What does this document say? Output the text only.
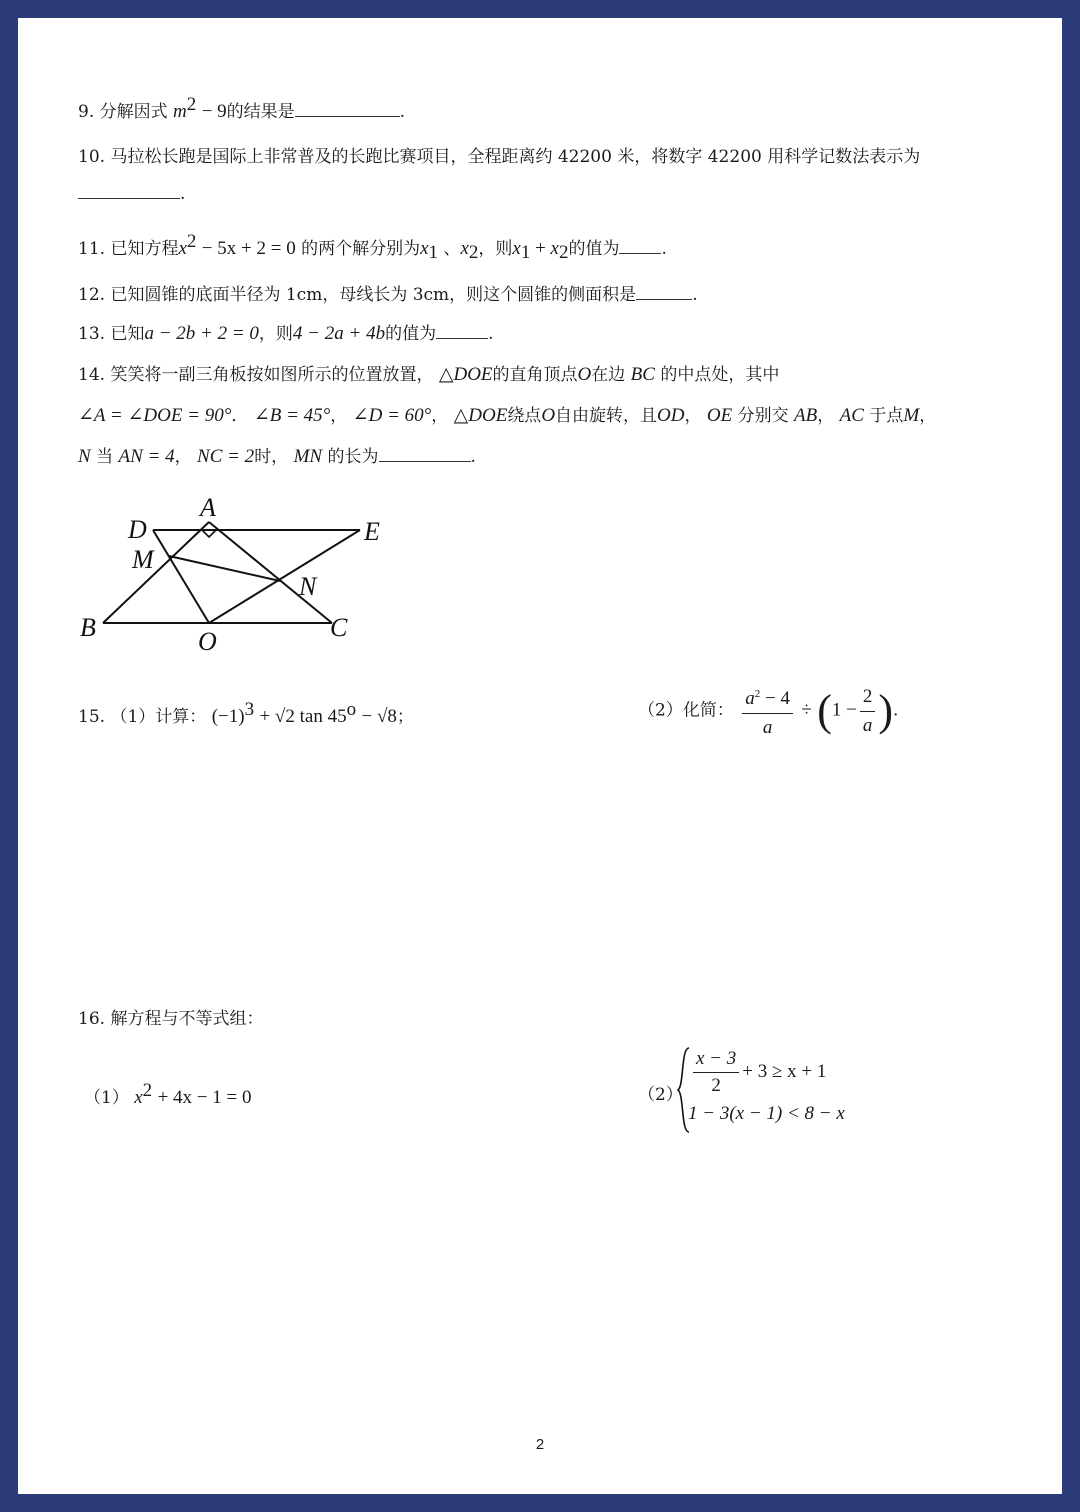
9. 分解因式 $m^2 - 9$的结果是	.
10. 马拉松长跑是国际上非常普及的长跑比赛项目，全程距离约 42200 米，将数字 42200 用科学记数法表示为
.
11. 已知方程$x^2 - 5x + 2 = 0$ 的两个解分别为$x_1$ 、$x_2$，则$x_1 + x_2$的值为 .
12. 已知圆锥的底面半径为 1cm，母线长为 3cm，则这个圆锥的侧面积是	.
13. 已知a − 2b + 2 = 0，则4 − 2a + 4b的值为	.
14. 笑笑将一副三角板按如图所示的位置放置， △DOE的直角顶点O在边 BC 的中点处，其中
∠A = ∠DOE = 90°． ∠B = 45°， ∠D = 60°， △DOE绕点O自由旋转，且OD， OE 分别交 AB， AC 于点M，
N 当 AN = 4， NC = 2时， MN 的长为	.
A
B	C
D	E
M
N
O
15. （1）计算： $(-1)^3 + √2$ $\tan 45^o - √8$；	（2）化简： $\frac{a^2 - 4}{a} \div (1 - \frac{2}{a}$ ).
16. 解方程与不等式组：
（1） $x^2 + 4x - 1 = 0$	$(2) \frac{x - 3}{2} + 3 \ge x + 1$
1 − 3(x − 1) < 8 − x
2
